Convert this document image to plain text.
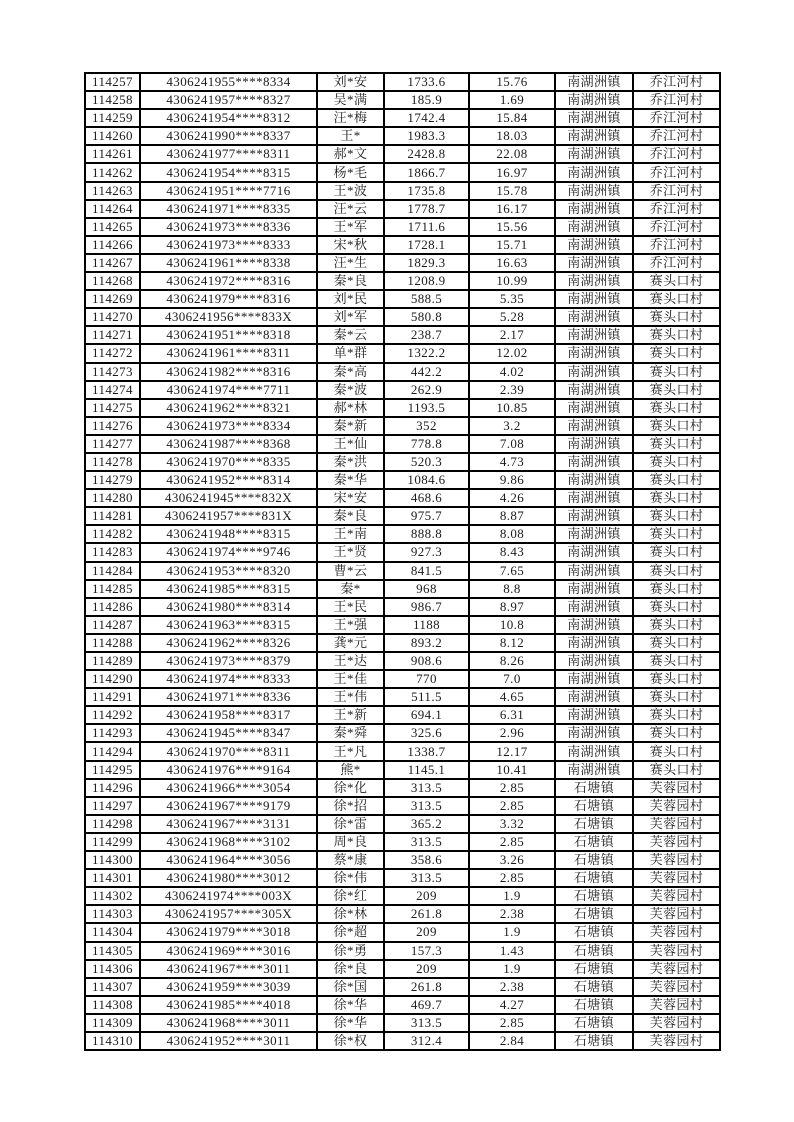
114257	4306241955****8334	刘*安	1733.6	15.76	南湖洲镇	乔江河村
114258	4306241957****8327	吴*满	185.9	1.69	南湖洲镇	乔江河村
114259	4306241954****8312	汪*梅	1742.4	15.84	南湖洲镇	乔江河村
114260	4306241990****8337	王*	1983.3	18.03	南湖洲镇	乔江河村
114261	4306241977****8311	郝*文	2428.8	22.08	南湖洲镇	乔江河村
114262	4306241954****8315	杨*毛	1866.7	16.97	南湖洲镇	乔江河村
114263	4306241951****7716	王*波	1735.8	15.78	南湖洲镇	乔江河村
114264	4306241971****8335	汪*云	1778.7	16.17	南湖洲镇	乔江河村
114265	4306241973****8336	王*军	1711.6	15.56	南湖洲镇	乔江河村
114266	4306241973****8333	宋*秋	1728.1	15.71	南湖洲镇	乔江河村
114267	4306241961****8338	汪*生	1829.3	16.63	南湖洲镇	乔江河村
114268	4306241972****8316	秦*良	1208.9	10.99	南湖洲镇	赛头口村
114269	4306241979****8316	刘*民	588.5	5.35	南湖洲镇	赛头口村
114270	4306241956****833X	刘*军	580.8	5.28	南湖洲镇	赛头口村
114271	4306241951****8318	秦*云	238.7	2.17	南湖洲镇	赛头口村
114272	4306241961****8311	单*群	1322.2	12.02	南湖洲镇	赛头口村
114273	4306241982****8316	秦*高	442.2	4.02	南湖洲镇	赛头口村
114274	4306241974****7711	秦*波	262.9	2.39	南湖洲镇	赛头口村
114275	4306241962****8321	郝*林	1193.5	10.85	南湖洲镇	赛头口村
114276	4306241973****8334	秦*新	352	3.2	南湖洲镇	赛头口村
114277	4306241987****8368	王*仙	778.8	7.08	南湖洲镇	赛头口村
114278	4306241970****8335	秦*洪	520.3	4.73	南湖洲镇	赛头口村
114279	4306241952****8314	秦*华	1084.6	9.86	南湖洲镇	赛头口村
114280	4306241945****832X	宋*安	468.6	4.26	南湖洲镇	赛头口村
114281	4306241957****831X	秦*良	975.7	8.87	南湖洲镇	赛头口村
114282	4306241948****8315	王*南	888.8	8.08	南湖洲镇	赛头口村
114283	4306241974****9746	王*贤	927.3	8.43	南湖洲镇	赛头口村
114284	4306241953****8320	曹*云	841.5	7.65	南湖洲镇	赛头口村
114285	4306241985****8315	秦*	968	8.8	南湖洲镇	赛头口村
114286	4306241980****8314	王*民	986.7	8.97	南湖洲镇	赛头口村
114287	4306241963****8315	王*强	1188	10.8	南湖洲镇	赛头口村
114288	4306241962****8326	龚*元	893.2	8.12	南湖洲镇	赛头口村
114289	4306241973****8379	王*达	908.6	8.26	南湖洲镇	赛头口村
114290	4306241974****8333	王*佳	770	7.0	南湖洲镇	赛头口村
114291	4306241971****8336	王*伟	511.5	4.65	南湖洲镇	赛头口村
114292	4306241958****8317	王*新	694.1	6.31	南湖洲镇	赛头口村
114293	4306241945****8347	秦*舜	325.6	2.96	南湖洲镇	赛头口村
114294	4306241970****8311	王*凡	1338.7	12.17	南湖洲镇	赛头口村
114295	4306241976****9164	熊*	1145.1	10.41	南湖洲镇	赛头口村
114296	4306241966****3054	徐*化	313.5	2.85	石塘镇	芙蓉园村
114297	4306241967****9179	徐*招	313.5	2.85	石塘镇	芙蓉园村
114298	4306241967****3131	徐*雷	365.2	3.32	石塘镇	芙蓉园村
114299	4306241968****3102	周*良	313.5	2.85	石塘镇	芙蓉园村
114300	4306241964****3056	蔡*康	358.6	3.26	石塘镇	芙蓉园村
114301	4306241980****3012	徐*伟	313.5	2.85	石塘镇	芙蓉园村
114302	4306241974****003X	徐*红	209	1.9	石塘镇	芙蓉园村
114303	4306241957****305X	徐*林	261.8	2.38	石塘镇	芙蓉园村
114304	4306241979****3018	徐*超	209	1.9	石塘镇	芙蓉园村
114305	4306241969****3016	徐*勇	157.3	1.43	石塘镇	芙蓉园村
114306	4306241967****3011	徐*良	209	1.9	石塘镇	芙蓉园村
114307	4306241959****3039	徐*国	261.8	2.38	石塘镇	芙蓉园村
114308	4306241985****4018	徐*华	469.7	4.27	石塘镇	芙蓉园村
114309	4306241968****3011	徐*华	313.5	2.85	石塘镇	芙蓉园村
114310	4306241952****3011	徐*权	312.4	2.84	石塘镇	芙蓉园村
